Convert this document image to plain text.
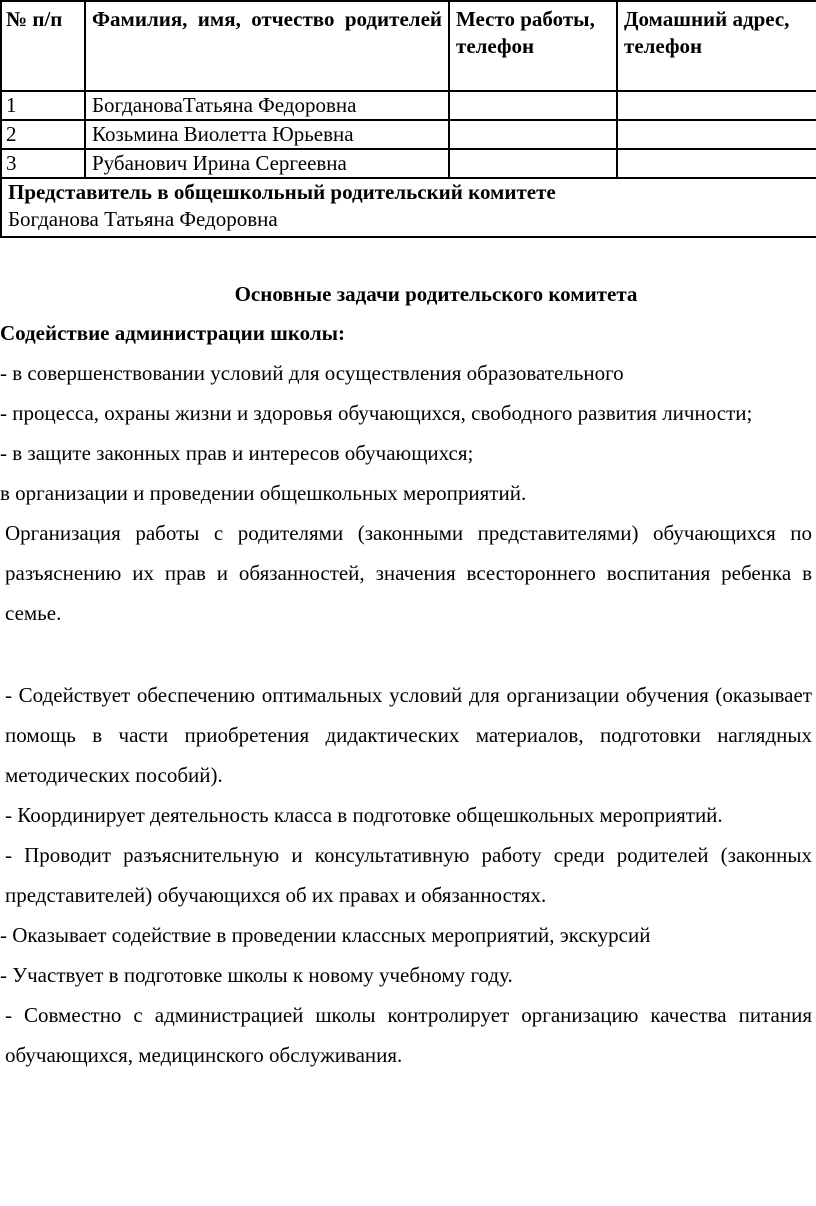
№ п/п	Фамилия, имя, отчество родителей	Место работы, телефон	Домашний адрес, телефон
1	БогдановаТатьяна Федоровна		
2	Козьмина Виолетта Юрьевна		
3	Рубанович Ирина Сергеевна		

Представитель в общешкольный родительский комитете
Богданова Татьяна Федоровна			

Основные задачи родительского комитета

Содействие администрации школы:

- в совершенствовании условий для осуществления образовательного

- процесса, охраны жизни и здоровья обучающихся, свободного развития личности;

- в защите законных прав и интересов обучающихся;

в организации и проведении общешкольных мероприятий.

Организация работы с родителями (законными представителями) обучающихся по разъяснению их прав и обязанностей, значения всестороннего воспитания ребенка в семье.

- Содействует обеспечению оптимальных условий для организации обучения (оказывает помощь в части приобретения дидактических материалов, подготовки наглядных методических пособий).

- Координирует деятельность класса в подготовке общешкольных мероприятий.

- Проводит разъяснительную и консультативную работу среди родителей (законных представителей) обучающихся об их правах и обязанностях.

- Оказывает содействие в проведении классных мероприятий, экскурсий

- Участвует в подготовке школы к новому учебному году.

- Совместно с администрацией школы контролирует организацию качества питания обучающихся, медицинского обслуживания.
